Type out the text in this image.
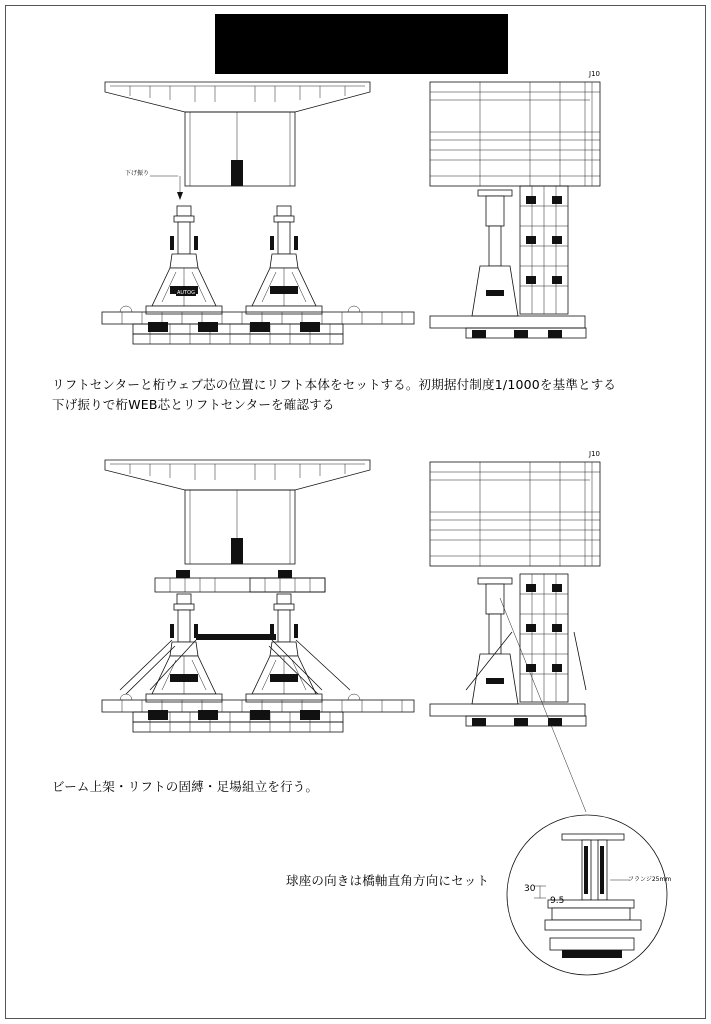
下げ振り
J10
J10
AUTOG
フランジ25mm
30
9.5
リフトセンターと桁ウェブ芯の位置にリフト本体をセットする。初期据付制度1/1000を基準とする
下げ振りで桁WEB芯とリフトセンターを確認する
ビーム上架・リフトの固縛・足場組立を行う。
球座の向きは橋軸直角方向にセット
